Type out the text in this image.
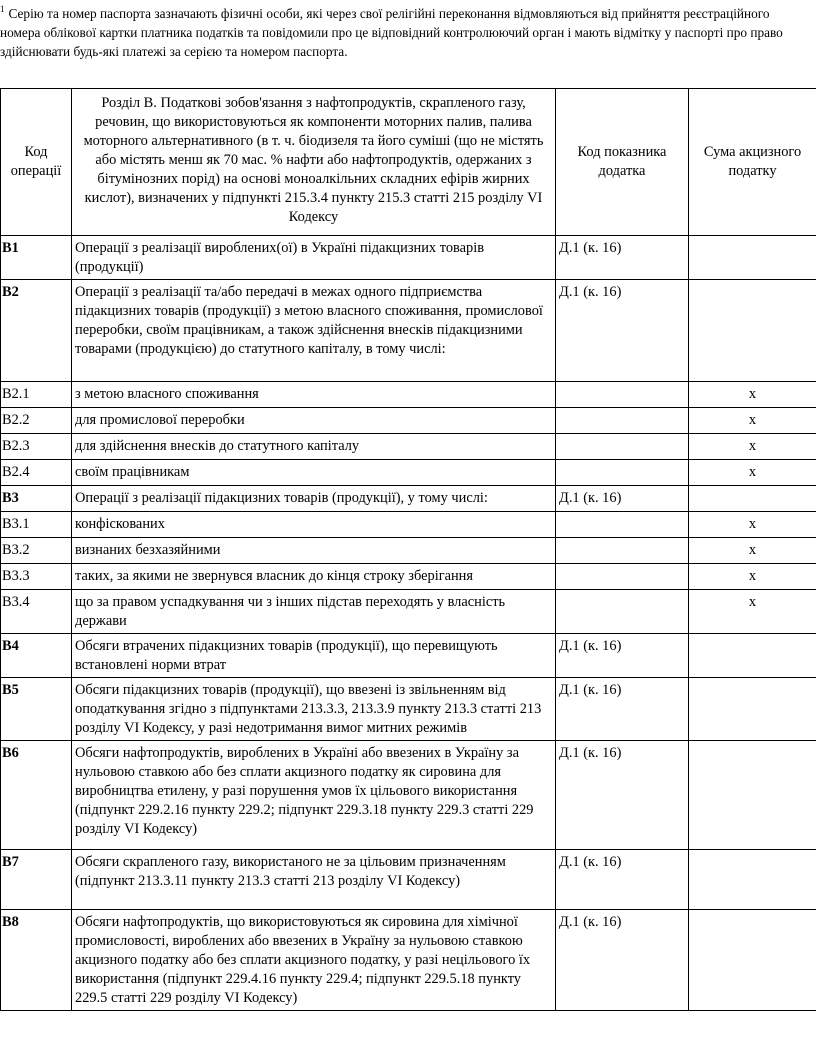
$^1$ Серію та номер паспорта зазначають фізичні особи, які через свої релігійні переконання відмовляються від прийняття реєстраційного номера облікової картки платника податків та повідомили про це відповідний контролюючий орган і мають відмітку у паспорті про право здійснювати будь-які платежі за серією та номером паспорта.
Код операції	Розділ В. Податкові зобов'язання з нафтопродуктів, скрапленого газу, речовин, що використовуються як компоненти моторних палив, палива моторного альтернативного (в т. ч. біодизеля та його суміші (що не містять або містять менш як 70 мас. % нафти або нафтопродуктів, одержаних з бітумінозних порід) на основі моноалкільних складних ефірів жирних кислот), визначених у підпункті 215.3.4 пункту 215.3 статті 215 розділу VI Кодексу	Код показника додатка	Сума акцизного податку
В1	Операції з реалізації вироблених(ої) в Україні підакцизних товарів (продукції)	Д.1 (к. 16)	
В2	Операції з реалізації та/або передачі в межах одного підприємства підакцизних товарів (продукції) з метою власного споживання, промислової переробки, своїм працівникам, а також здійснення внесків підакцизними товарами (продукцією) до статутного капіталу, в тому числі:	Д.1 (к. 16)	
В2.1	з метою власного споживання		х
В2.2	для промислової переробки		х
В2.3	для здійснення внесків до статутного капіталу		х
В2.4	своїм працівникам		х
В3	Операції з реалізації підакцизних товарів (продукції), у тому числі:	Д.1 (к. 16)	
В3.1	конфіскованих		х
В3.2	визнаних безхазяйними		х
В3.3	таких, за якими не звернувся власник до кінця строку зберігання		х
В3.4	що за правом успадкування чи з інших підстав переходять у власність держави		х
В4	Обсяги втрачених підакцизних товарів (продукції), що перевищують встановлені норми втрат	Д.1 (к. 16)	
В5	Обсяги підакцизних товарів (продукції), що ввезені із звільненням від оподаткування згідно з підпунктами 213.3.3, 213.3.9 пункту 213.3 статті 213 розділу VI Кодексу, у разі недотримання вимог митних режимів	Д.1 (к. 16)	
В6	Обсяги нафтопродуктів, вироблених в Україні або ввезених в Україну за нульовою ставкою або без сплати акцизного податку як сировина для виробництва етилену, у разі порушення умов їх цільового використання (підпункт 229.2.16 пункту 229.2; підпункт 229.3.18 пункту 229.3 статті 229 розділу VI Кодексу)	Д.1 (к. 16)	
В7	Обсяги скрапленого газу, використаного не за цільовим призначенням (підпункт 213.3.11 пункту 213.3 статті 213 розділу VI Кодексу)	Д.1 (к. 16)	
В8	Обсяги нафтопродуктів, що використовуються як сировина для хімічної промисловості, вироблених або ввезених в Україну за нульовою ставкою акцизного податку або без сплати акцизного податку, у разі нецільового їх використання (підпункт 229.4.16 пункту 229.4; підпункт 229.5.18 пункту 229.5 статті 229 розділу VI Кодексу)	Д.1 (к. 16)	
